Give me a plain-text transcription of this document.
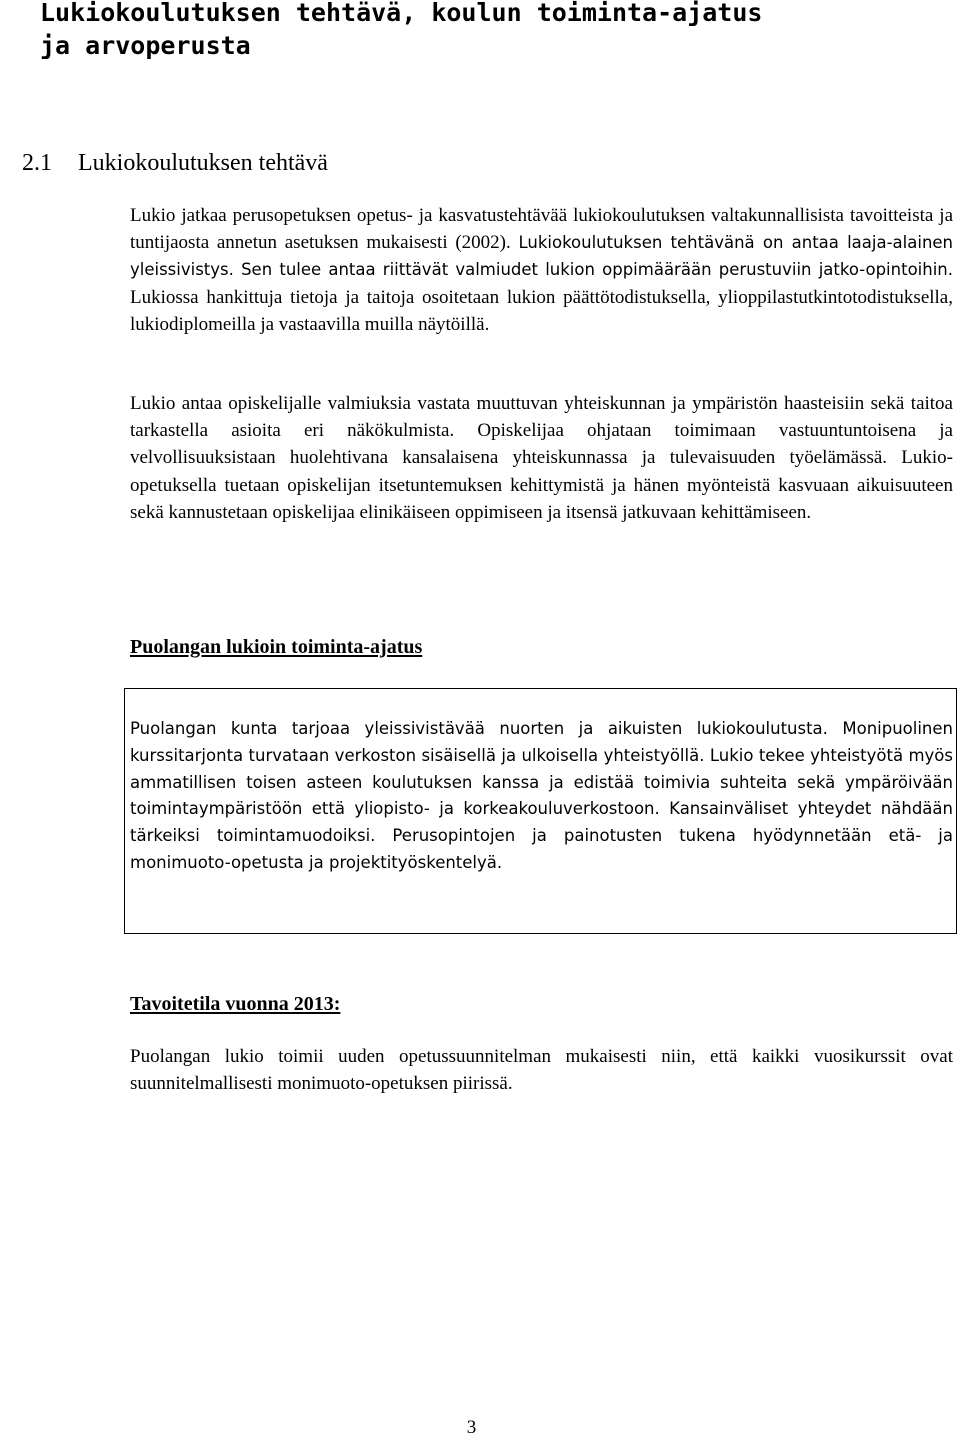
Lukiokoulutuksen tehtävä, koulun toiminta-ajatus ja arvoperusta
2.1 Lukiokoulutuksen tehtävä

Lukio jatkaa perusopetuksen opetus- ja kasvatustehtävää lukiokoulutuksen valtakunnallisista tavoitteista ja tuntijaosta annetun asetuksen mukaisesti (2002). Lukiokoulutuksen tehtävänä on antaa laaja-alainen yleissivistys. Sen tulee antaa riittävät valmiudet lukion oppimäärään perustuviin jatko-opintoihin. Lukiossa hankittuja tietoja ja taitoja osoitetaan lukion päättötodistuksella, ylioppilastutkintotodistuksella, lukiodiplomeilla ja vastaavilla muilla näytöillä.

Lukio antaa opiskelijalle valmiuksia vastata muuttuvan yhteiskunnan ja ympäristön haasteisiin sekä taitoa tarkastella asioita eri näkökulmista. Opiskelijaa ohjataan toimimaan vastuuntuntoisena ja velvollisuuksistaan huolehtivana kansalaisena yhteiskunnassa ja tulevaisuuden työelämässä. Lukio-opetuksella tuetaan opiskelijan itsetuntemuksen kehittymistä ja hänen myönteistä kasvuaan aikuisuuteen sekä kannustetaan opiskelijaa elinikäiseen oppimiseen ja itsensä jatkuvaan kehittämiseen.

Puolangan lukioin toiminta-ajatus

Puolangan kunta tarjoaa yleissivistävää nuorten ja aikuisten lukiokoulutusta. Monipuolinen kurssitarjonta turvataan verkoston sisäisellä ja ulkoisella yhteistyöllä. Lukio tekee yhteistyötä myös ammatillisen toisen asteen koulutuksen kanssa ja edistää toimivia suhteita sekä ympäröivään toimintaympäristöön että yliopisto- ja korkeakouluverkostoon. Kansainväliset yhteydet nähdään tärkeiksi toimintamuodoiksi. Perusopintojen ja painotusten tukena hyödynnetään etä- ja monimuoto-opetusta ja projektityöskentelyä.

Tavoitetila vuonna 2013:

Puolangan lukio toimii uuden opetussuunnitelman mukaisesti niin, että kaikki vuosikurssit ovat suunnitelmallisesti monimuoto-opetuksen piirissä.

3
